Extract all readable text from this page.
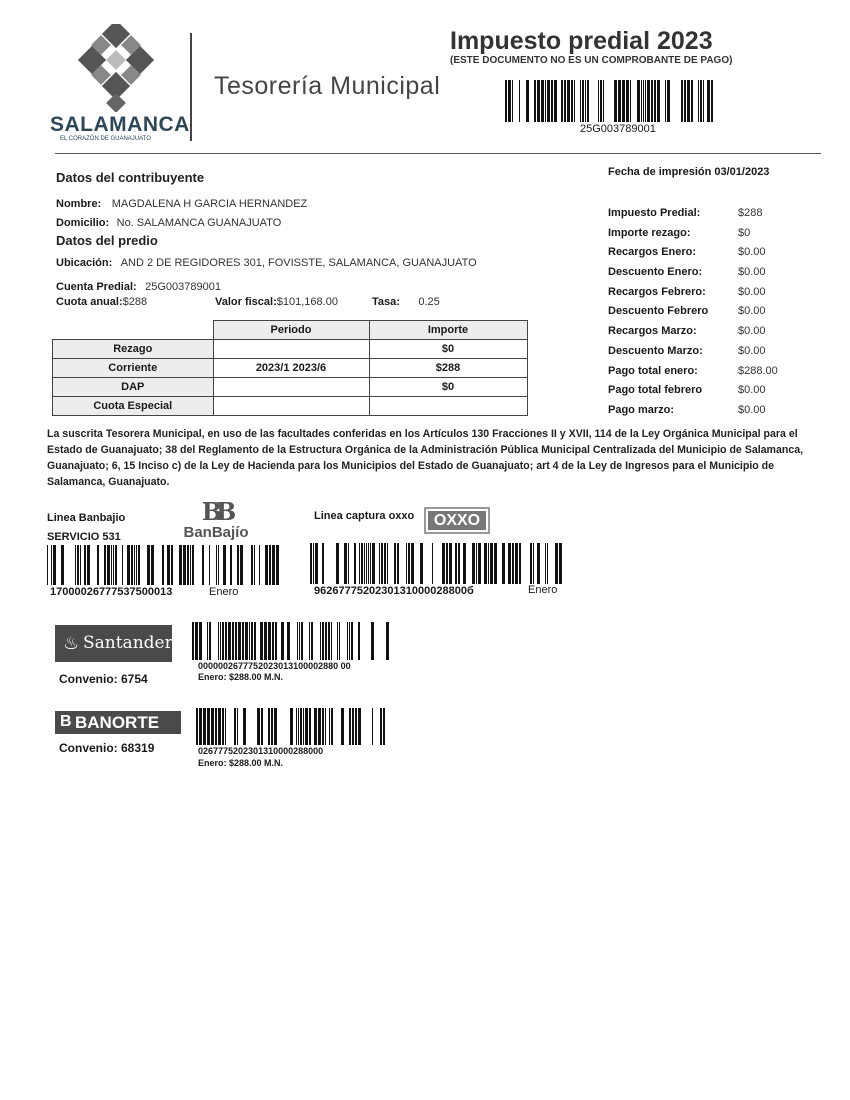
SALAMANCA
EL CORAZÓN DE GUANAJUATO
Tesorería Municipal
Impuesto predial 2023
(ESTE DOCUMENTO NO ES UN COMPROBANTE DE PAGO)
25G003789001
Datos del contribuyente
Nombre: MAGDALENA H GARCIA HERNANDEZ
Domicilio: No. SALAMANCA GUANAJUATO
Datos del predio
Ubicación: AND 2 DE REGIDORES 301, FOVISSTE, SALAMANCA, GUANAJUATO
Cuenta Predial: 25G003789001
Cuota anual:$288	Valor fiscal:$101,168.00	Tasa: 0.25
Fecha de impresión 03/01/2023
	Periodo	Importe
Rezago		$0
Corriente	2023/1 2023/6	$288
DAP		$0
Cuota Especial		
Impuesto Predial:	$288
Importe rezago:	$0
Recargos Enero:	$0.00
Descuento Enero:	$0.00
Recargos Febrero:	$0.00
Descuento Febrero	$0.00
Recargos Marzo:	$0.00
Descuento Marzo:	$0.00
Pago total enero:	$288.00
Pago total febrero	$0.00
Pago marzo:	$0.00
La suscrita Tesorera Municipal, en uso de las facultades conferidas en los Artículos 130 Fracciones II y XVII, 114 de la Ley Orgánica Municipal para el Estado de Guanajuato; 38 del Reglamento de la Estructura Orgánica de la Administración Pública Municipal Centralizada del Municipio de Salamanca, Guanajuato; 6, 15 Inciso c) de la Ley de Hacienda para los Municipios del Estado de Guanajuato; art 4 de la Ley de Ingresos para el Municipio de Salamanca, Guanajuato.
Linea Banbajio
SERVICIO 531
BB
BanBajío
17000026777537500013	Enero
Linea captura oxxo	OXXO
9626777520230131000028800б	Enero
♨ Santander
Convenio: 6754
0000002677752023013100002880 00
Enero: $288.00 M.N.
B BANORTE
Convenio: 68319	0267775202301310000288000
Enero: $288.00 M.N.
